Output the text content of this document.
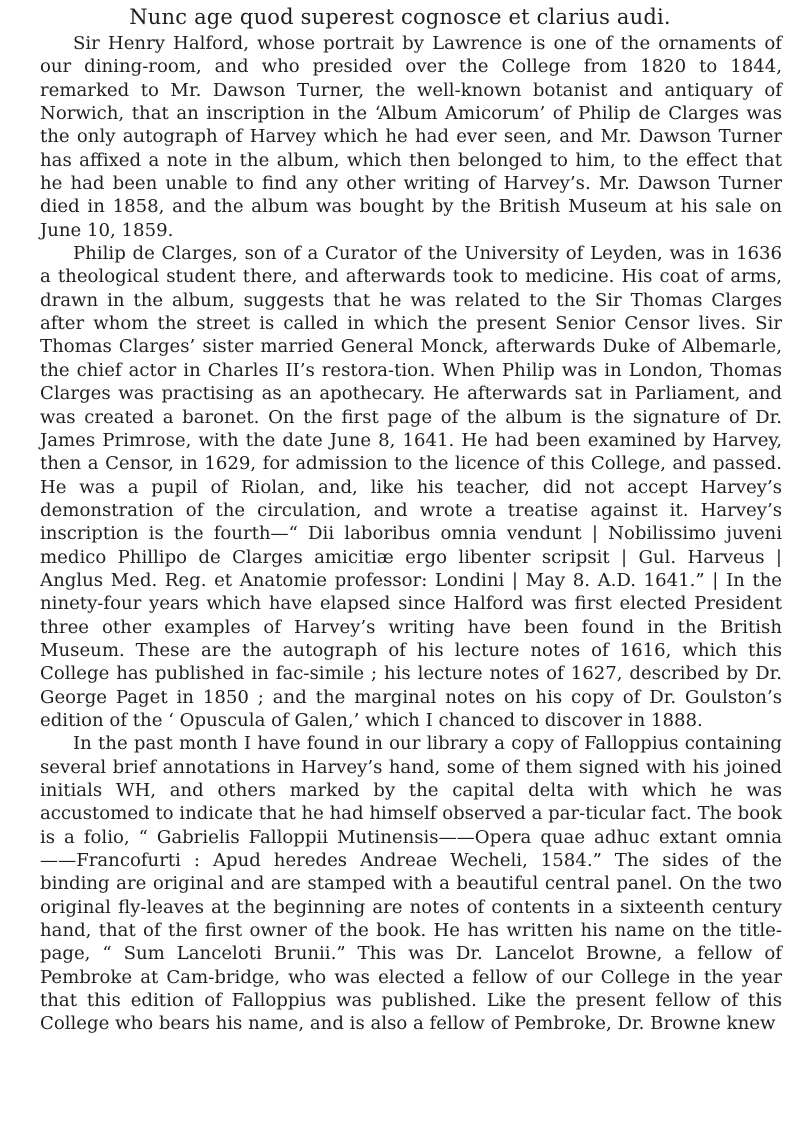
Nunc age quod superest cognosce et clarius audi.

Sir Henry Halford, whose portrait by Lawrence is one of the ornaments of our dining-room, and who presided over the College from 1820 to 1844, remarked to Mr. Dawson Turner, the well-known botanist and antiquary of Norwich, that an inscription in the ‘Album Amicorum’ of Philip de Clarges was the only autograph of Harvey which he had ever seen, and Mr. Dawson Turner has affixed a note in the album, which then belonged to him, to the effect that he had been unable to find any other writing of Harvey’s. Mr. Dawson Turner died in 1858, and the album was bought by the British Museum at his sale on June 10, 1859.

Philip de Clarges, son of a Curator of the University of Leyden, was in 1636 a theological student there, and afterwards took to medicine. His coat of arms, drawn in the album, suggests that he was related to the Sir Thomas Clarges after whom the street is called in which the present Senior Censor lives. Sir Thomas Clarges’ sister married General Monck, afterwards Duke of Albemarle, the chief actor in Charles II’s restora-tion. When Philip was in London, Thomas Clarges was practising as an apothecary. He afterwards sat in Parliament, and was created a baronet. On the first page of the album is the signature of Dr. James Primrose, with the date June 8, 1641. He had been examined by Harvey, then a Censor, in 1629, for admission to the licence of this College, and passed. He was a pupil of Riolan, and, like his teacher, did not accept Harvey’s demonstration of the circulation, and wrote a treatise against it. Harvey’s inscription is the fourth—“ Dii laboribus omnia vendunt | Nobilissimo juveni medico Phillipo de Clarges amicitiæ ergo libenter scripsit | Gul. Harveus | Anglus Med. Reg. et Anatomie professor: Londini | May 8. A.D. 1641.” | In the ninety-four years which have elapsed since Halford was first elected President three other examples of Harvey’s writing have been found in the British Museum. These are the autograph of his lecture notes of 1616, which this College has published in fac-simile ; his lecture notes of 1627, described by Dr. George Paget in 1850 ; and the marginal notes on his copy of Dr. Goulston’s edition of the ‘ Opuscula of Galen,’ which I chanced to discover in 1888.

In the past month I have found in our library a copy of Falloppius containing several brief annotations in Harvey’s hand, some of them signed with his joined initials WH, and others marked by the capital delta with which he was accustomed to indicate that he had himself observed a par-ticular fact. The book is a folio, “ Gabrielis Falloppii Mutinensis——Opera quae adhuc extant omnia——Francofurti : Apud heredes Andreae Wecheli, 1584.” The sides of the binding are original and are stamped with a beautiful central panel. On the two original fly-leaves at the beginning are notes of contents in a sixteenth century hand, that of the first owner of the book. He has written his name on the title-page, “ Sum Lanceloti Brunii.” This was Dr. Lancelot Browne, a fellow of Pembroke at Cam-bridge, who was elected a fellow of our College in the year that this edition of Falloppius was published. Like the present fellow of this College who bears his name, and is also a fellow of Pembroke, Dr. Browne knew
